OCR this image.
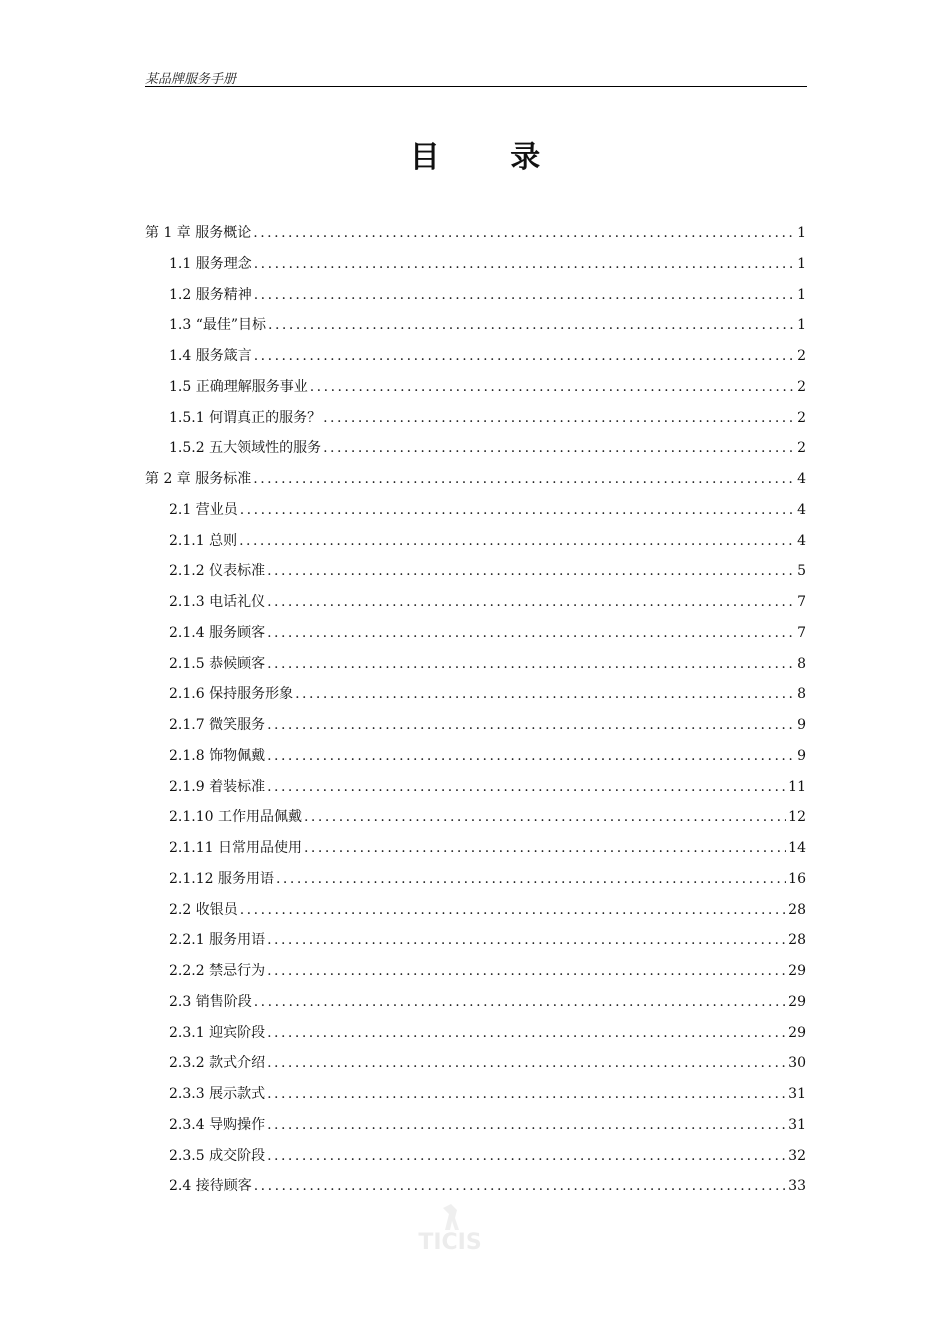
某品牌服务手册
目 录
第 1 章 服务概论 .....	1
1.1 服务理念 .....	1
1.2 服务精神 .....	1
1.3 “最佳”目标 .....	1
1.4 服务箴言 .....	2
1.5 正确理解服务事业 .....	2
1.5.1 何谓真正的服务？ .....	2
1.5.2 五大领域性的服务 .....	2
第 2 章 服务标准 .....	4
2.1 营业员 .....	4
2.1.1 总则 .....	4
2.1.2 仪表标准 .....	5
2.1.3 电话礼仪 .....	7
2.1.4 服务顾客 .....	7
2.1.5 恭候顾客 .....	8
2.1.6 保持服务形象 .....	8
2.1.7 微笑服务 .....	9
2.1.8 饰物佩戴 .....	9
2.1.9 着装标准 .....	11
2.1.10 工作用品佩戴 .....	12
2.1.11 日常用品使用 .....	14
2.1.12 服务用语 .....	16
2.2 收银员 .....	28
2.2.1 服务用语 .....	28
2.2.2 禁忌行为 .....	29
2.3 销售阶段 .....	29
2.3.1 迎宾阶段 .....	29
2.3.2 款式介绍 .....	30
2.3.3 展示款式 .....	31
2.3.4 导购操作 .....	31
2.3.5 成交阶段 .....	32
2.4 接待顾客 .....	33
TICIS
